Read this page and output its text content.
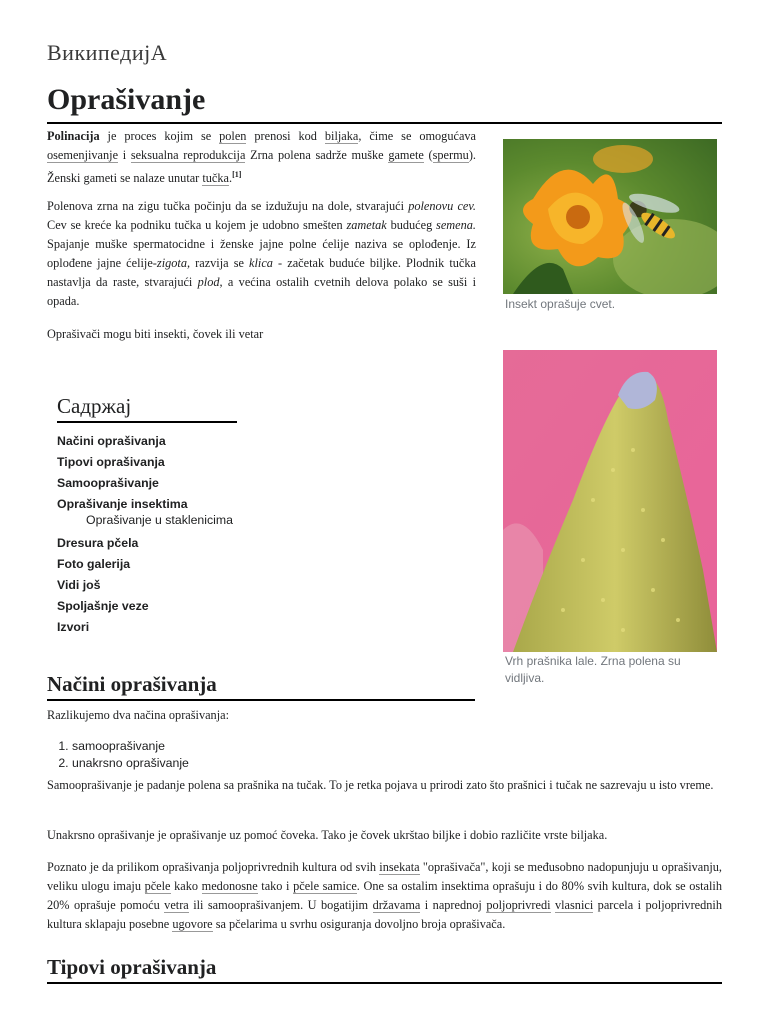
ВикипедијА
Oprašivanje

Polinacija je proces kojim se polen prenosi kod biljaka, čime se omogućava osemenjivanje i seksualna reprodukcija Zrna polena sadrže muške gamete (spermu). Ženski gameti se nalaze unutar tučka.[1]

Polenova zrna na zigu tučka počinju da se izdužuju na dole, stvarajući polenovu cev. Cev se kreće ka podniku tučka u kojem je udobno smešten zametak budućeg semena. Spajanje muške spermatocidne i ženske jajne polne ćelije naziva se oplođenje. Iz oplođene jajne ćelije-zigota, razvija se klica - začetak buduće biljke. Plodnik tučka nastavlja da raste, stvarajući plod, a većina ostalih cvetnih delova polako se suši i opada.

Oprašivači mogu biti insekti, čovek ili vetar

Insekt oprašuje cvet.
Vrh prašnika lale. Zrna polena su vidljiva.
Садржај
Načini oprašivanja
Tipovi oprašivanja
Samooprašivanje
Oprašivanje insektima
Oprašivanje u staklenicima
Dresura pčela
Foto galerija
Vidi još
Spoljašnje veze
Izvori
Načini oprašivanja

Razlikujemo dva načina oprašivanja:

1. samooprašivanje
2. unakrsno oprašivanje

Samooprašivanje je padanje polena sa prašnika na tučak. To je retka pojava u prirodi zato što prašnici i tučak ne sazrevaju u isto vreme.

Unakrsno oprašivanje je oprašivanje uz pomoć čoveka. Tako je čovek ukrštao biljke i dobio različite vrste biljaka.

Poznato je da prilikom oprašivanja poljoprivrednih kultura od svih insekata "oprašivača", koji se međusobno nadopunjuju u oprašivanju, veliku ulogu imaju pčele kako medonosne tako i pčele samice. One sa ostalim insektima oprašuju i do 80% svih kultura, dok se ostalih 20% oprašuje pomoću vetra ili samooprašivanjem. U bogatijim državama i naprednoj poljoprivredi vlasnici parcela i poljoprivrednih kultura sklapaju posebne ugovore sa pčelarima u svrhu osiguranja dovoljno broja oprašivača.

Tipovi oprašivanja
